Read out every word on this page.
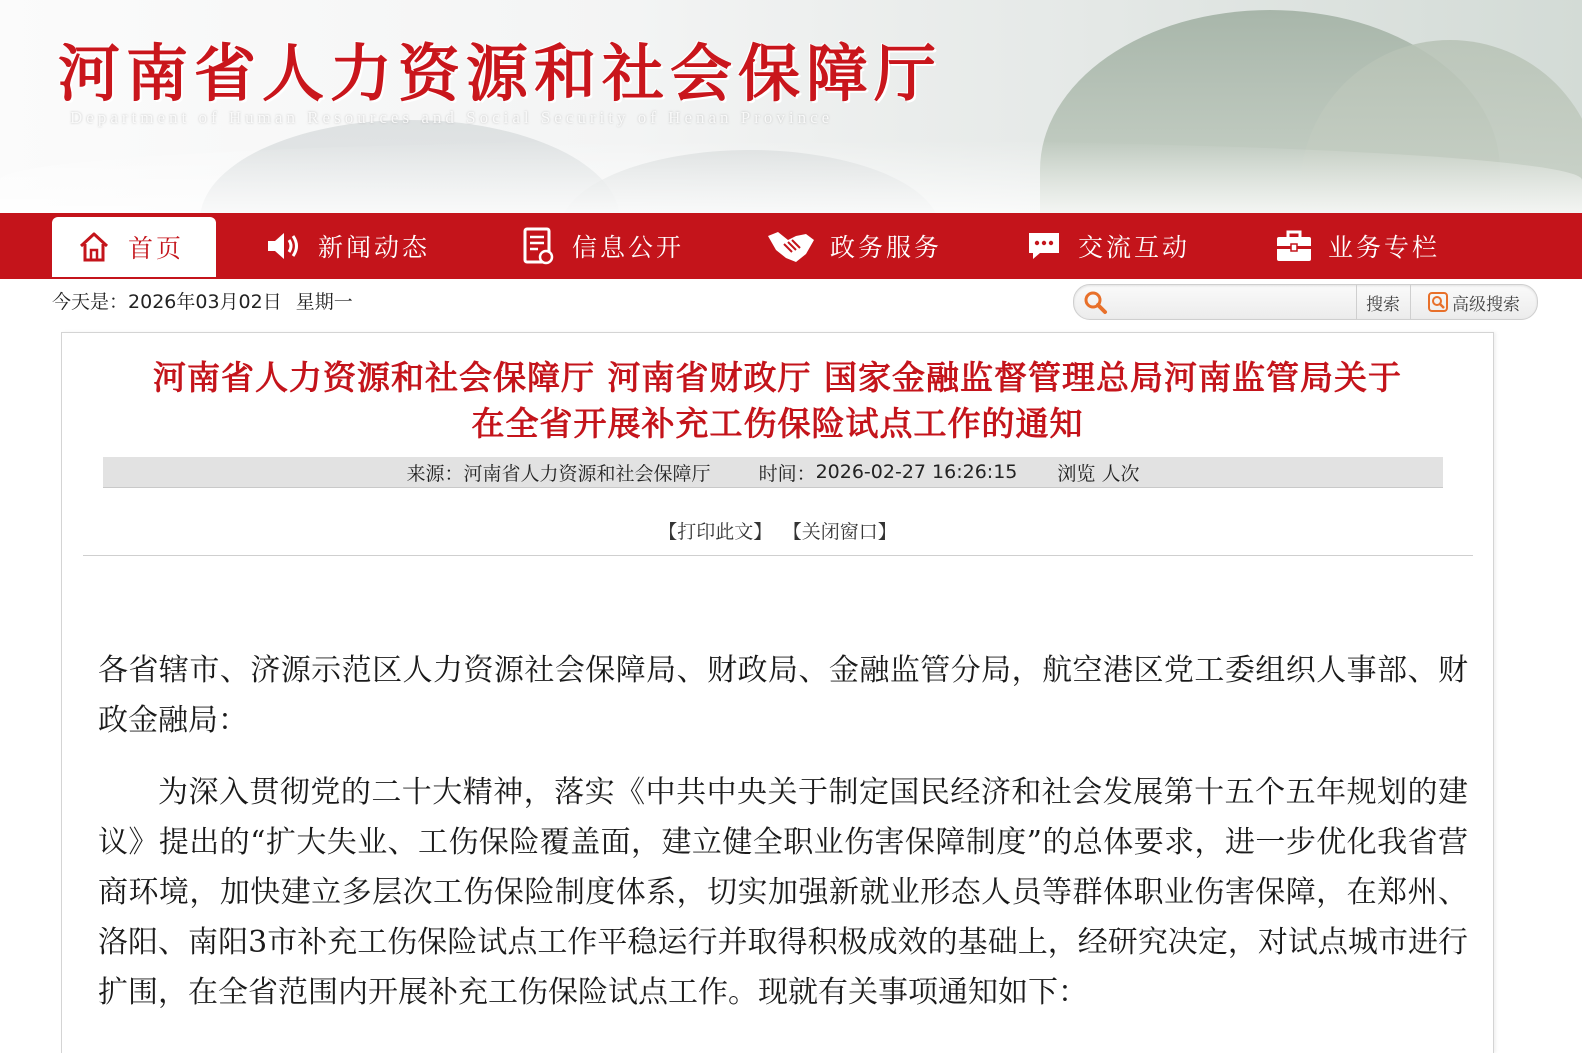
河南省人力资源和社会保障厅
Department of Human Resources and Social Security of Henan Province
首页	新闻动态	信息公开	政务服务	交流互动	业务专栏
今天是：2026年03月02日 星期一	搜索	高级搜索
河南省人力资源和社会保障厅 河南省财政厅 国家金融监督管理总局河南监管局关于
在全省开展补充工伤保险试点工作的通知
来源： 河南省人力资源和社会保障厅	时间： 2026-02-27 16:26:15 浏览
人次
【打印此文】 【关闭窗口】

各省辖市、济源示范区人力资源社会保障局、财政局、金融监管分局，航空港区党工委组织人事部、财政金融局：

为深入贯彻党的二十大精神，落实《中共中央关于制定国民经济和社会发展第十五个五年规划的建议》提出的“扩大失业、工伤保险覆盖面，建立健全职业伤害保障制度”的总体要求，进一步优化我省营商环境，加快建立多层次工伤保险制度体系，切实加强新就业形态人员等群体职业伤害保障，在郑州、洛阳、南阳3市补充工伤保险试点工作平稳运行并取得积极成效的基础上，经研究决定，对试点城市进行扩围，在全省范围内开展补充工伤保险试点工作。现就有关事项通知如下：
